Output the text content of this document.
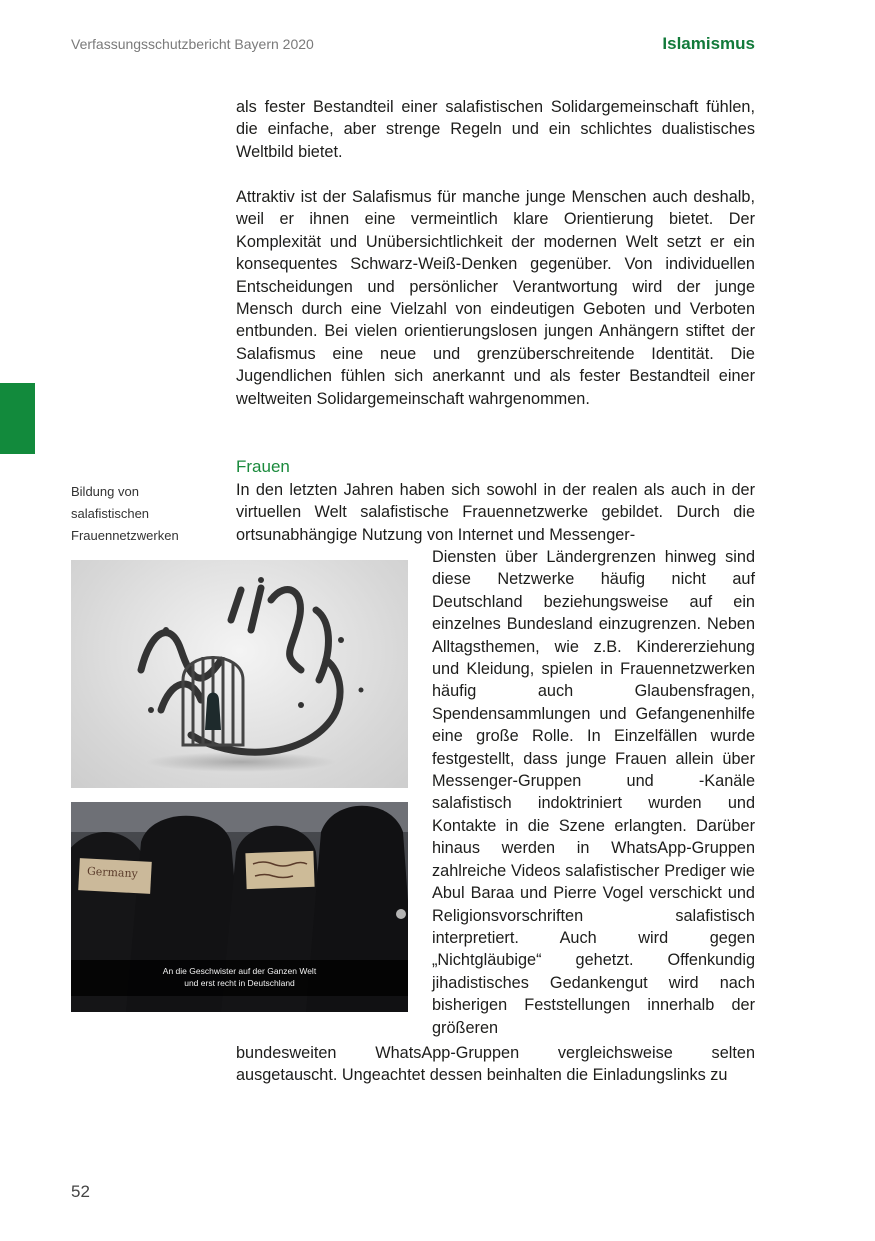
Verfassungsschutzbericht Bayern 2020	Islamismus

als fester Bestandteil einer salafistischen Solidargemeinschaft fühlen, die einfache, aber strenge Regeln und ein schlichtes dualistisches Weltbild bietet.

Attraktiv ist der Salafismus für manche junge Menschen auch deshalb, weil er ihnen eine vermeintlich klare Orientierung bietet. Der Komplexität und Unübersichtlichkeit der modernen Welt setzt er ein konsequentes Schwarz-Weiß-Denken gegenüber. Von individuellen Entscheidungen und persönlicher Verantwortung wird der junge Mensch durch eine Vielzahl von eindeutigen Geboten und Verboten entbunden. Bei vielen orientierungslosen jungen Anhängern stiftet der Salafismus eine neue und grenzüberschreitende Identität. Die Jugendlichen fühlen sich anerkannt und als fester Bestandteil einer weltweiten Solidargemeinschaft wahrgenommen.

Frauen
Bildung von salafistischen Frauennetzwerken

In den letzten Jahren haben sich sowohl in der realen als auch in der virtuellen Welt salafistische Frauennetzwerke gebildet. Durch die ortsunabhängige Nutzung von Internet und Messenger-

Diensten über Ländergrenzen hinweg sind diese Netzwerke häufig nicht auf Deutschland beziehungsweise auf ein einzelnes Bundesland einzugrenzen. Neben Alltagsthemen, wie z.B. Kindererziehung und Kleidung, spielen in Frauennetzwerken häufig auch Glaubensfragen, Spendensammlungen und Gefangenenhilfe eine große Rolle. In Einzelfällen wurde festgestellt, dass junge Frauen allein über Messenger-Gruppen und -Kanäle salafistisch indoktriniert wurden und Kontakte in die Szene erlangten. Darüber hinaus werden in WhatsApp-Gruppen zahlreiche Videos salafistischer Prediger wie Abul Baraa und Pierre Vogel verschickt und Religionsvorschriften salafistisch interpretiert. Auch wird gegen „Nichtgläubige“ gehetzt. Offenkundig jihadistisches Gedankengut wird nach bisherigen Feststellungen innerhalb der größeren

bundesweiten WhatsApp-Gruppen vergleichsweise selten ausgetauscht. Ungeachtet dessen beinhalten die Einladungslinks zu

Germany
An die Geschwister auf der Ganzen Welt
und erst recht in Deutschland
52
